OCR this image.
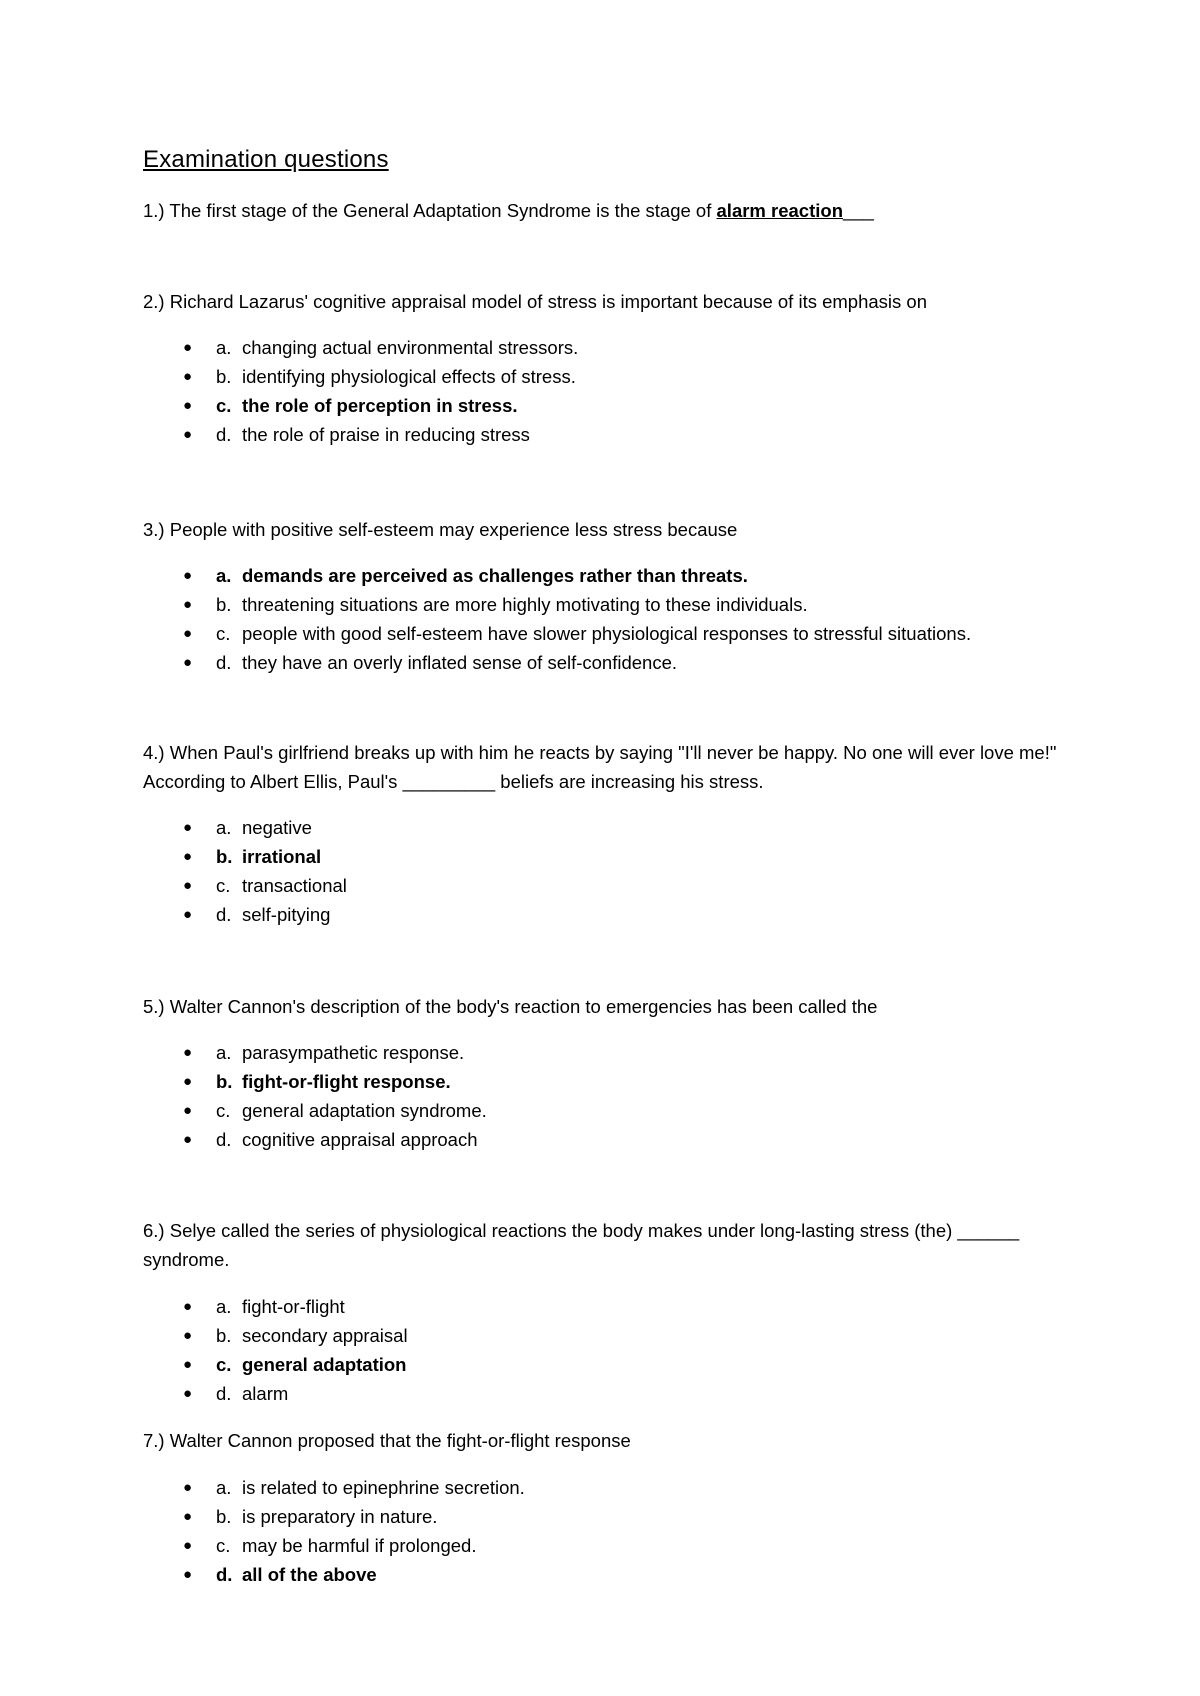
Examination questions
1.) The first stage of the General Adaptation Syndrome is the stage of alarm reaction___
2.) Richard Lazarus' cognitive appraisal model of stress is important because of its emphasis on
● a. changing actual environmental stressors.
● b. identifying physiological effects of stress.
● c. the role of perception in stress.
● d. the role of praise in reducing stress
3.) People with positive self-esteem may experience less stress because
● a. demands are perceived as challenges rather than threats.
● b. threatening situations are more highly motivating to these individuals.
● c. people with good self-esteem have slower physiological responses to stressful situations.
● d. they have an overly inflated sense of self-confidence.
4.) When Paul's girlfriend breaks up with him he reacts by saying "I'll never be happy. No one will ever love me!" According to Albert Ellis, Paul's _________ beliefs are increasing his stress.
● a. negative
● b. irrational
● c. transactional
● d. self-pitying
5.) Walter Cannon's description of the body's reaction to emergencies has been called the
● a. parasympathetic response.
● b. fight-or-flight response.
● c. general adaptation syndrome.
● d. cognitive appraisal approach
6.) Selye called the series of physiological reactions the body makes under long-lasting stress (the) ______ syndrome.
● a. fight-or-flight
● b. secondary appraisal
● c. general adaptation
● d. alarm
7.) Walter Cannon proposed that the fight-or-flight response
● a. is related to epinephrine secretion.
● b. is preparatory in nature.
● c. may be harmful if prolonged.
● d. all of the above
